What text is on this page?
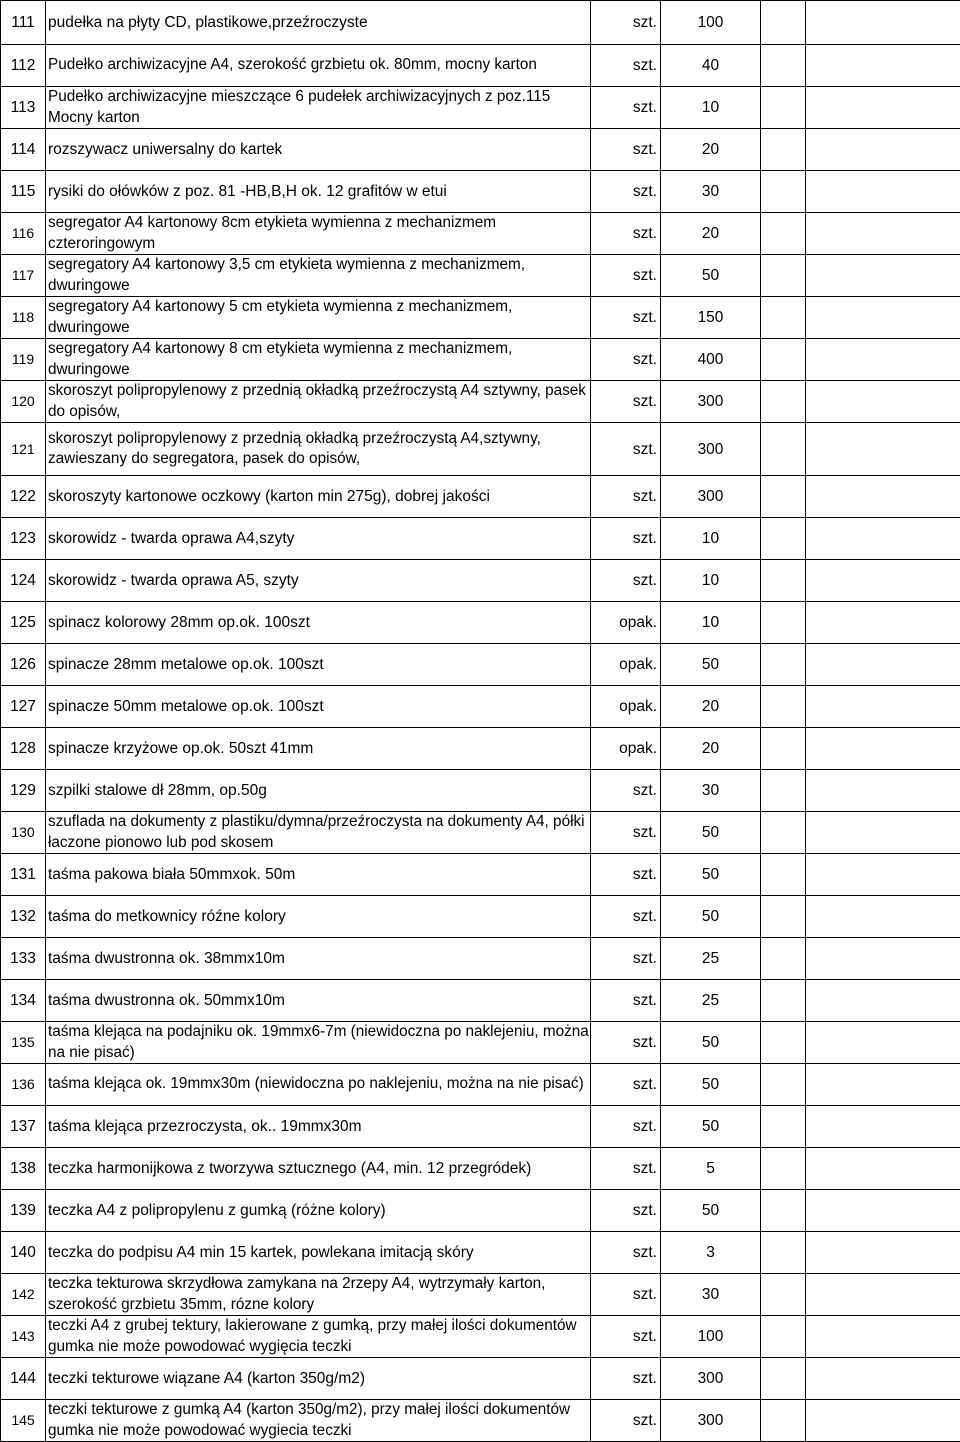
111	pudełka na płyty CD, plastikowe,przeźroczyste	szt.	100		
112	Pudełko archiwizacyjne A4, szerokość grzbietu ok. 80mm, mocny karton	szt.	40		
113	Pudełko archiwizacyjne mieszczące 6 pudełek archiwizacyjnych z poz.115 Mocny karton	szt.	10		
114	rozszywacz uniwersalny do kartek	szt.	20		
115	rysiki do ołówków z poz. 81 -HB,B,H ok. 12 grafitów w etui	szt.	30		
116	segregator A4 kartonowy 8cm etykieta wymienna z mechanizmem czteroringowym	szt.	20		
117	segregatory A4 kartonowy 3,5 cm etykieta wymienna z mechanizmem, dwuringowe	szt.	50		
118	segregatory A4 kartonowy 5 cm etykieta wymienna z mechanizmem, dwuringowe	szt.	150		
119	segregatory A4 kartonowy 8 cm etykieta wymienna z mechanizmem, dwuringowe	szt.	400		
120	skoroszyt polipropylenowy z przednią okładką przeźroczystą A4 sztywny, pasek do opisów,	szt.	300		
121	skoroszyt polipropylenowy z przednią okładką przeźroczystą A4,sztywny, zawieszany do segregatora, pasek do opisów,	szt.	300		
122	skoroszyty kartonowe oczkowy (karton min 275g), dobrej jakości	szt.	300		
123	skorowidz - twarda oprawa A4,szyty	szt.	10		
124	skorowidz - twarda oprawa A5, szyty	szt.	10		
125	spinacz kolorowy 28mm op.ok. 100szt	opak.	10		
126	spinacze 28mm metalowe op.ok. 100szt	opak.	50		
127	spinacze 50mm metalowe op.ok. 100szt	opak.	20		
128	spinacze krzyżowe op.ok. 50szt 41mm	opak.	20		
129	szpilki stalowe dł 28mm, op.50g	szt.	30		
130	szuflada na dokumenty z plastiku/dymna/przeźroczysta na dokumenty A4, półki łaczone pionowo lub pod skosem	szt.	50		
131	taśma pakowa biała 50mmxok. 50m	szt.	50		
132	taśma do metkownicy róźne kolory	szt.	50		
133	taśma dwustronna ok. 38mmx10m	szt.	25		
134	taśma dwustronna ok. 50mmx10m	szt.	25		
135	taśma klejąca na podajniku ok. 19mmx6-7m (niewidoczna po naklejeniu, można na nie pisać)	szt.	50		
136	taśma klejąca ok. 19mmx30m (niewidoczna po naklejeniu, można na nie pisać)	szt.	50		
137	taśma klejąca przezroczysta, ok.. 19mmx30m	szt.	50		
138	teczka harmonijkowa z tworzywa sztucznego (A4, min. 12 przegródek)	szt.	5		
139	teczka A4 z polipropylenu z gumką (różne kolory)	szt.	50		
140	teczka do podpisu A4 min 15 kartek, powlekana imitacją skóry	szt.	3		
142	teczka tekturowa skrzydłowa zamykana na 2rzepy A4, wytrzymały karton, szerokość grzbietu 35mm, rózne kolory	szt.	30		
143	teczki A4 z grubej tektury, lakierowane z gumką, przy małej ilości dokumentów gumka nie może powodować wygięcia teczki	szt.	100		
144	teczki tekturowe wiązane A4 (karton 350g/m2)	szt.	300		
145	teczki tekturowe z gumką A4 (karton 350g/m2), przy małej ilości dokumentów gumka nie może powodować wygiecia teczki	szt.	300		
